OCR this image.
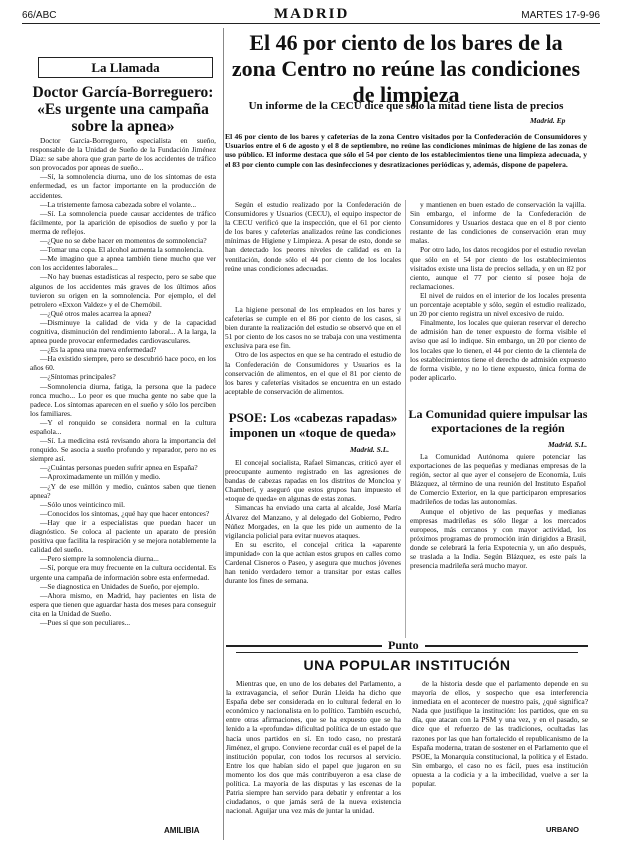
66/ABC	MADRID	MARTES 17-9-96
La Llamada
Doctor García-Borreguero: «Es urgente una campaña sobre la apnea»

Doctor García-Borreguero, especialista en sueño, responsable de la Unidad de Sueño de la Fundación Jiménez Díaz: se sabe ahora que gran parte de los accidentes de tráfico son provocados por apneas de sueño...

—Sí, la somnolencia diurna, uno de los síntomas de esta enfermedad, es un factor importante en la producción de accidentes.

—La tristemente famosa cabezada sobre el volante...

—Sí. La somnolencia puede causar accidentes de tráfico fácilmente, por la aparición de episodios de sueño y por la merma de reflejos.

—¿Que no se debe hacer en momentos de somnolencia?

—Tomar una copa. El alcohol aumenta la somnolencia.

—Me imagino que a apnea también tiene mucho que ver con los accidentes laborales...

—No hay buenas estadísticas al respecto, pero se sabe que algunos de los accidentes más graves de los últimos años tuvieron su origen en la somnolencia. Por ejemplo, el del petrolero «Exxon Valdez» y el de Chernóbil.

—¿Qué otros males acarrea la apnea?

—Disminuye la calidad de vida y de la capacidad cognitiva, disminución del rendimiento laboral... A la larga, la apnea puede provocar enfermedades cardiovasculares.

—¿Es la apnea una nueva enfermedad?

—Ha existido siempre, pero se descubrió hace poco, en los años 60.

—¿Síntomas principales?

—Somnolencia diurna, fatiga, la persona que la padece ronca mucho... Lo peor es que mucha gente no sabe que la padece. Los síntomas aparecen en el sueño y sólo los perciben los familiares.

—Y el ronquido se considera normal en la cultura española...

—Sí. La medicina está revisando ahora la importancia del ronquido. Se asocia a sueño profundo y reparador, pero no es siempre así.

—¿Cuántas personas pueden sufrir apnea en España?

—Aproximadamente un millón y medio.

—¿Y de ese millón y medio, cuántos saben que tienen apnea?

—Sólo unos veinticinco mil.

—Conocidos los síntomas, ¿qué hay que hacer entonces?

—Hay que ir a especialistas que puedan hacer un diagnóstico. Se coloca al paciente un aparato de presión positiva que facilita la respiración y se mejora notablemente la calidad del sueño.

—Pero siempre la somnolencia diurna...

—Sí, porque era muy frecuente en la cultura occidental. Es urgente una campaña de información sobre esta enfermedad.

—Se diagnostica en Unidades de Sueño, por ejemplo.

—Ahora mismo, en Madrid, hay pacientes en lista de espera que tienen que aguardar hasta dos meses para conseguir cita en la Unidad de Sueño.

—Pues sí que son peculiares...

AMILIBIA
El 46 por ciento de los bares de la zona Centro no reúne las condiciones de limpieza
Un informe de la CECU dice que sólo la mitad tiene lista de precios
Madrid. Ep
El 46 por ciento de los bares y cafeterías de la zona Centro visitados por la Confederación de Consumidores y Usuarios entre el 6 de agosto y el 8 de septiembre, no reúne las condiciones mínimas de higiene de las zonas de uso público. El informe destaca que sólo el 54 por ciento de los establecimientos tiene una limpieza adecuada, y el 83 por ciento cumple con las desinfecciones y desratizaciones periódicas y, además, dispone de papelera.

Según el estudio realizado por la Confederación de Consumidores y Usuarios (CECU), el equipo inspector de la CECU verificó que la inspección, que el 61 por ciento de los bares y cafeterías analizados reúne las condiciones mínimas de Higiene y Limpieza. A pesar de esto, donde se han detectado los peores niveles de calidad es en la ventilación, donde sólo el 44 por ciento de los locales reúne unas condiciones adecuadas.

La higiene personal de los empleados en los bares y cafeterías se cumple en el 86 por ciento de los casos, si bien durante la realización del estudio se observó que en el 51 por ciento de los casos no se trabaja con una vestimenta exclusiva para ese fin.

Otro de los aspectos en que se ha centrado el estudio de la Confederación de Consumidores y Usuarios es la conservación de alimentos, en el que el 81 por ciento de los bares y cafeterías visitados se encuentra en un estado aceptable de conservación de alimentos.

y mantienen en buen estado de conservación la vajilla. Sin embargo, el informe de la Confederación de Consumidores y Usuarios destaca que en el 8 por ciento restante de las condiciones de conservación eran muy malas.

Por otro lado, los datos recogidos por el estudio revelan que sólo en el 54 por ciento de los establecimientos visitados existe una lista de precios sellada, y en un 82 por ciento, aunque el 77 por ciento sí posee hoja de reclamaciones.

El nivel de ruidos en el interior de los locales presenta un porcentaje aceptable y sólo, según el estudio realizado, un 20 por ciento registra un nivel excesivo de ruido.

Finalmente, los locales que quieran reservar el derecho de admisión han de tener expuesto de forma visible el aviso que así lo indique. Sin embargo, un 20 por ciento de los locales que lo tienen, el 44 por ciento de la clientela de los establecimientos tiene el derecho de admisión expuesto de forma visible, y no lo tiene expuesto, única forma de poder aplicarlo.

PSOE: Los «cabezas rapadas» imponen un «toque de queda»
Madrid. S.L.

El concejal socialista, Rafael Simancas, criticó ayer el preocupante aumento registrado en las agresiones de bandas de cabezas rapadas en los distritos de Moncloa y Chamberí, y aseguró que estos grupos han impuesto el «toque de queda» en algunas de estas zonas.

Simancas ha enviado una carta al alcalde, José María Álvarez del Manzano, y al delegado del Gobierno, Pedro Núñez Morgades, en la que les pide un aumento de la vigilancia policial para evitar nuevos ataques.

En su escrito, el concejal critica la «aparente impunidad» con la que actúan estos grupos en calles como Cardenal Cisneros o Paseo, y asegura que muchos jóvenes han tenido verdadero temor a transitar por estas calles durante los fines de semana.

La Comunidad quiere impulsar las exportaciones de la región
Madrid. S.L.

La Comunidad Autónoma quiere potenciar las exportaciones de las pequeñas y medianas empresas de la región, sector al que ayer el consejero de Economía, Luis Blázquez, al término de una reunión del Instituto Español de Comercio Exterior, en la que participaron empresarios madrileños de todas las autonomías.

Aunque el objetivo de las pequeñas y medianas empresas madrileñas es sólo llegar a los mercados europeos, más cercanos y con mayor actividad, los próximos programas de promoción irán dirigidos a Brasil, donde se celebrará la feria Expotecnia y, un año después, se traslada a la India. Según Blázquez, es este país la presencia madrileña será mucho mayor.

Punto
UNA POPULAR INSTITUCIÓN

Mientras que, en uno de los debates del Parlamento, a la extravagancia, el señor Durán Lleida ha dicho que España debe ser considerada en lo cultural federal en lo económico y nacionalista en lo político. También escuchó, entre otras afirmaciones, que se ha expuesto que se ha lenido a la «profunda» dificultad política de un estado que hacía unos partidos en sí. En todo caso, no prestará Jiménez, el grupo. Conviene recordar cuál es el papel de la institución popular, con todos los recursos al servicio. Entre los que habían sido el papel que jugaron en su momento los dos que más contribuyeron a esa clase de política. La mayoría de las disputas y las escenas de la Patria siempre han servido para debatir y enfrentar a los ciudadanos, o que jamás será de la nueva existencia nacional. Aguijar una vez más de juntar la unidad.

de la historia desde que el parlamento depende en su mayoría de ellos, y sospecho que esa interferencia inmediata en el acontecer de nuestro país, ¿qué significa? Nada que justifique la institución: los partidos, que en su día, que atacan con la PSM y una vez, y en el pasado, se dice que el refuerzo de las tradiciones, ocultadas las razones por las que han fortalecido el republicanismo de la España moderna, tratan de sostener en el Parlamento que el PSOE, la Monarquía constitucional, la política y el Estado. Sin embargo, el caso no es fácil, pues esa institución opuesta a la codicia y a la imbecilidad, vuelve a ser la popular.

URBANO
